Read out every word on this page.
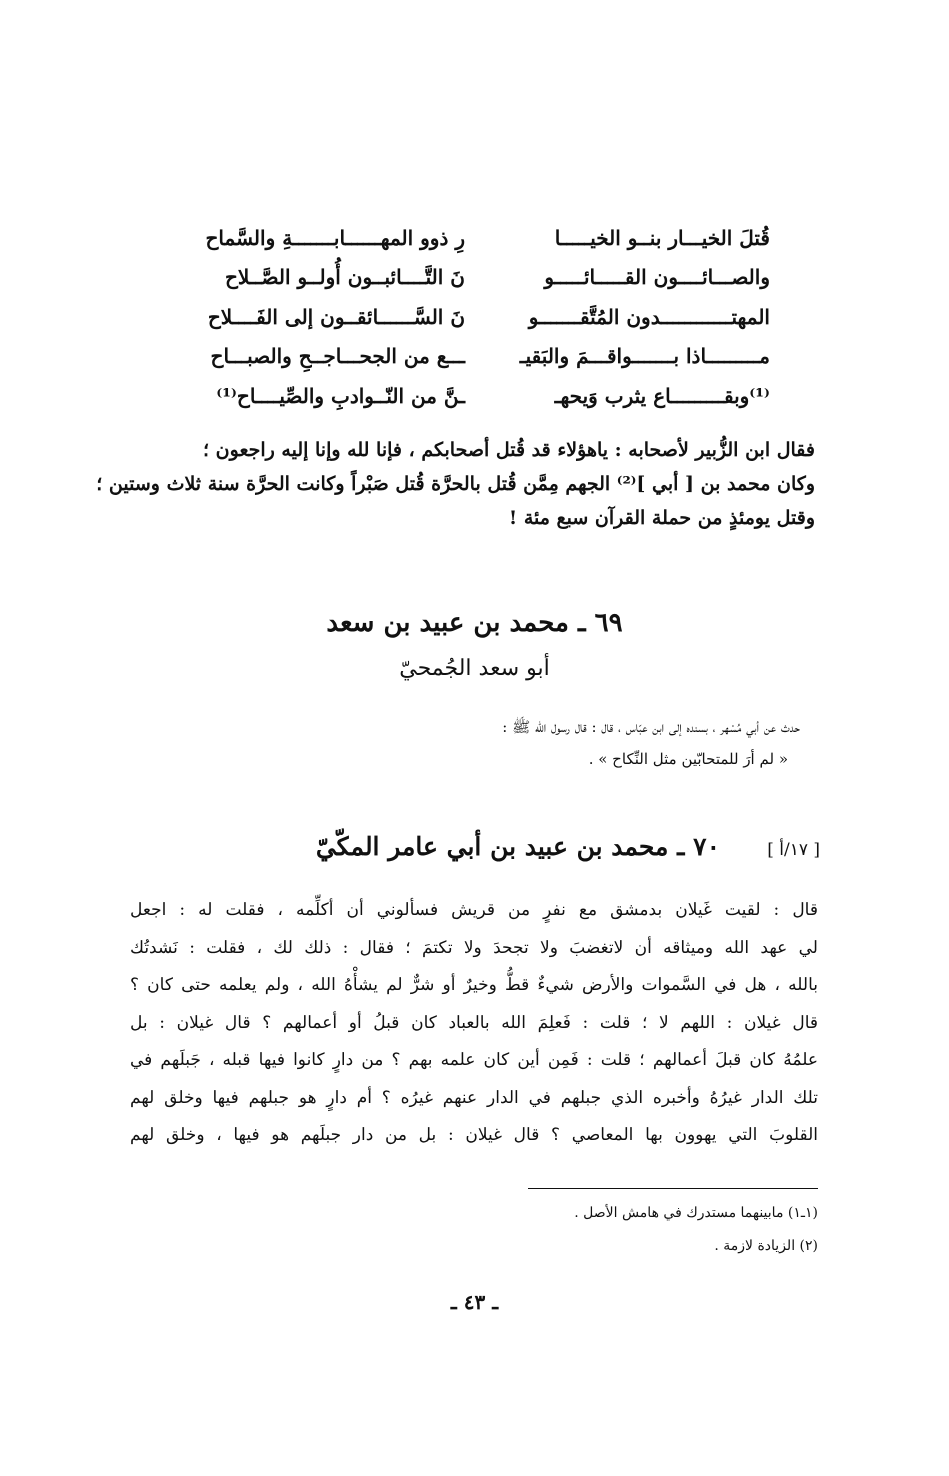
قُتلَ الخيـــار بنــو الخيـــــا
رِ ذوو المهــــــابـــــــةِ والسَّماح
والصـــائــــون القـــــائـــــو
نَ التَّــــائبــون أُولــو الصَّــلاح
المهتــــــــــــدون المُتَّقـــــــو
نَ السَّــــــائقــون إلى الفَــــلاح
مـــــــــاذا بـــــــواقـــمَ والبَقيـ
ـــع من الجحـــاجــحِ والصبـــاح
⁽¹⁾وبقـــــــــاع يثرب وَيحهـ
ـنَّ من النّــوادبِ والصِّيــــاح⁽¹⁾
فقال ابن الزُّبير لأصحابه : ياهؤلاء قد قُتل أصحابكم ، فإنا لله وإنا إليه راجعون ؛
وكان محمد بن [ أبي ]⁽²⁾ الجهم مِمَّن قُتل بالحرَّة قُتل صَبْراً وكانت الحرَّة سنة ثلاث وستين ؛
وقتل يومئذٍ من حملة القرآن سبع مئة !
٦٩ ـ محمد بن عبيد بن سعد
أبو سعد الجُمحيّ
حدث عن أبي مُسْهر ، بسنده إلى ابن عبّاس ، قال : قال رسول الله ﷺ :
« لم أرَ للمتحابّين مثل النِّكاح » .
٧٠ ـ محمد بن عبيد بن أبي عامر المكّيّ	[ ١٧/أ ]
قال : لقيت غَيلان بدمشق مع نفرٍ من قريش فسألوني أن أكلِّمه ، فقلت له : اجعل
لي عهد الله وميثاقه أن لاتغضبَ ولا تجحدَ ولا تكتمَ ؛ فقال : ذلك لك ، فقلت : نَشدتُك
بالله ، هل في السَّموات والأرض شيءٌ قطُّ وخيرٌ أو شرٌّ لم يشأْهُ الله ، ولم يعلمه حتى كان ؟
قال غيلان : اللهم لا ؛ قلت : فَعلِمَ الله بالعباد كان قبلُ أو أعمالهم ؟ قال غيلان : بل
علمُهُ كان قبلَ أعمالهم ؛ قلت : فَمِن أين كان علمه بهم ؟ من دارٍ كانوا فيها قبله ، جَبلَهم في
تلك الدار غيرُهُ وأخبره الذي جبلهم في الدار عنهم غيرُه ؟ أم دارٍ هو جبلهم فيها وخلق لهم
القلوبَ التي يهوون بها المعاصي ؟ قال غيلان : بل من دار جبلَهم هو فيها ، وخلق لهم
(١ـ١) مابينهما مستدرك في هامش الأصل .
(٢) الزيادة لازمة .
ـ ٤٣ ـ
